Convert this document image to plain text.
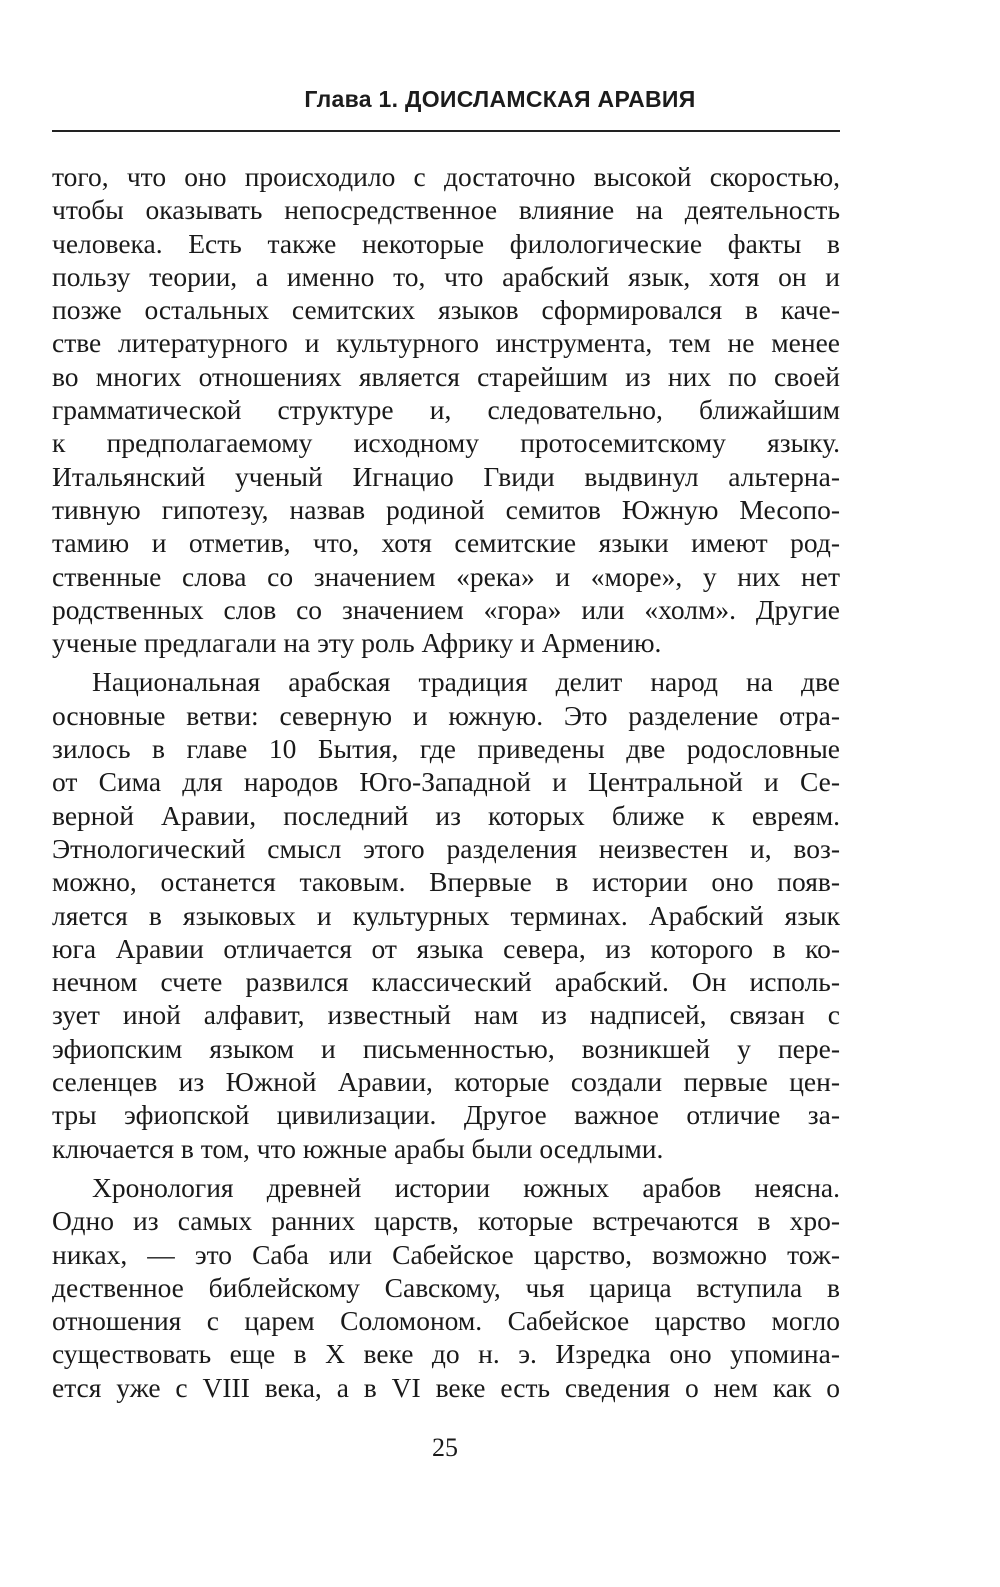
Глава 1. ДОИСЛАМСКАЯ АРАВИЯ
того, что оно происходило с достаточно высокой скоростью,
чтобы оказывать непосредственное влияние на деятельность
человека. Есть также некоторые филологические факты в
пользу теории, а именно то, что арабский язык, хотя он и
позже остальных семитских языков сформировался в каче-
стве литературного и культурного инструмента, тем не менее
во многих отношениях является старейшим из них по своей
грамматической структуре и, следовательно, ближайшим
к предполагаемому исходному протосемитскому языку.
Итальянский ученый Игнацио Гвиди выдвинул альтерна-
тивную гипотезу, назвав родиной семитов Южную Месопо-
тамию и отметив, что, хотя семитские языки имеют род-
ственные слова со значением «река» и «море», у них нет
родственных слов со значением «гора» или «холм». Другие
ученые предлагали на эту роль Африку и Армению.
Национальная арабская традиция делит народ на две
основные ветви: северную и южную. Это разделение отра-
зилось в главе 10 Бытия, где приведены две родословные
от Сима для народов Юго-Западной и Центральной и Се-
верной Аравии, последний из которых ближе к евреям.
Этнологический смысл этого разделения неизвестен и, воз-
можно, останется таковым. Впервые в истории оно появ-
ляется в языковых и культурных терминах. Арабский язык
юга Аравии отличается от языка севера, из которого в ко-
нечном счете развился классический арабский. Он исполь-
зует иной алфавит, известный нам из надписей, связан с
эфиопским языком и письменностью, возникшей у пере-
селенцев из Южной Аравии, которые создали первые цен-
тры эфиопской цивилизации. Другое важное отличие за-
ключается в том, что южные арабы были оседлыми.
Хронология древней истории южных арабов неясна.
Одно из самых ранних царств, которые встречаются в хро-
никах, — это Саба или Сабейское царство, возможно тож-
дественное библейскому Савскому, чья царица вступила в
отношения с царем Соломоном. Сабейское царство могло
существовать еще в X веке до н. э. Изредка оно упомина-
ется уже с VIII века, а в VI веке есть сведения о нем как о
25
